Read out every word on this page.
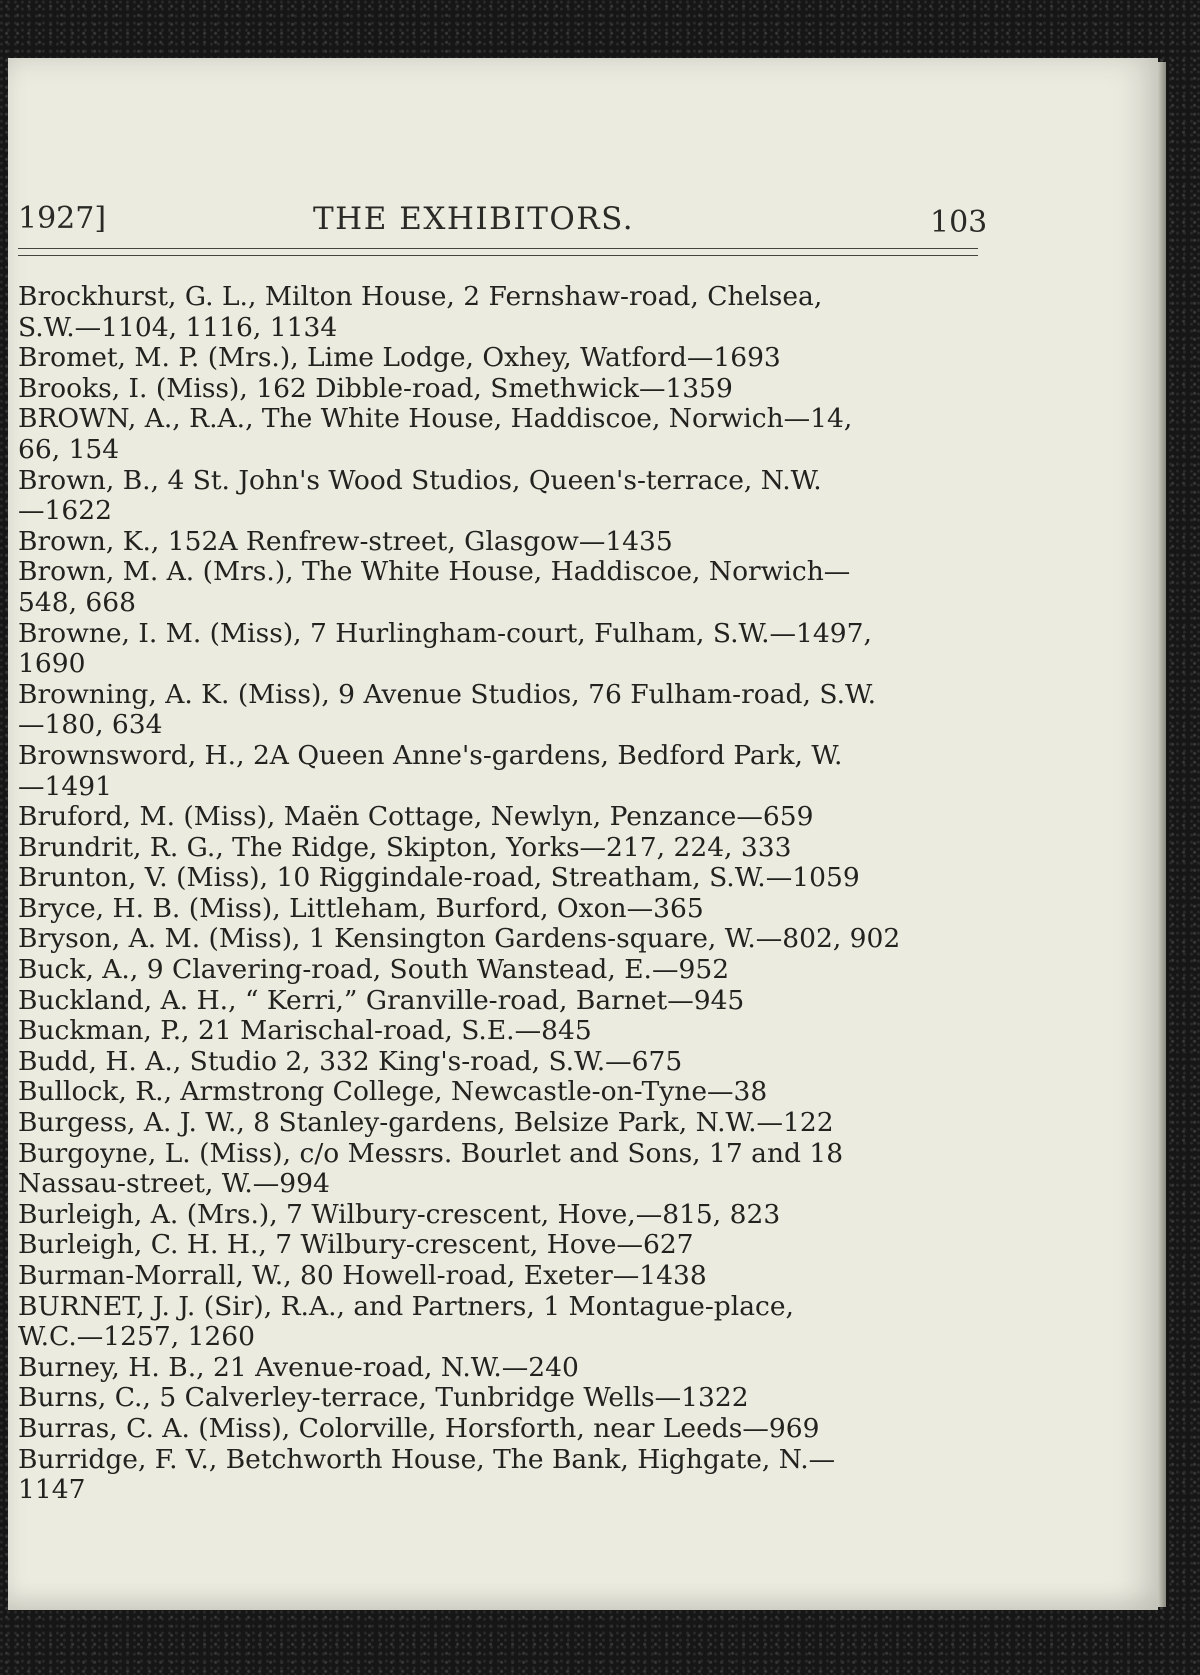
1927]	THE EXHIBITORS.	103

Brockhurst, G. L., Milton House, 2 Fernshaw-road, Chelsea,
S.W.—1104, 1116, 1134

Bromet, M. P. (Mrs.), Lime Lodge, Oxhey, Watford—1693

Brooks, I. (Miss), 162 Dibble-road, Smethwick—1359

BROWN, A., R.A., The White House, Haddiscoe, Norwich—14,
66, 154

Brown, B., 4 St. John's Wood Studios, Queen's-terrace, N.W.
—1622

Brown, K., 152A Renfrew-street, Glasgow—1435

Brown, M. A. (Mrs.), The White House, Haddiscoe, Norwich—
548, 668

Browne, I. M. (Miss), 7 Hurlingham-court, Fulham, S.W.—1497,
1690

Browning, A. K. (Miss), 9 Avenue Studios, 76 Fulham-road, S.W.
—180, 634

Brownsword, H., 2A Queen Anne's-gardens, Bedford Park, W.
—1491

Bruford, M. (Miss), Maën Cottage, Newlyn, Penzance—659

Brundrit, R. G., The Ridge, Skipton, Yorks—217, 224, 333

Brunton, V. (Miss), 10 Riggindale-road, Streatham, S.W.—1059

Bryce, H. B. (Miss), Littleham, Burford, Oxon—365

Bryson, A. M. (Miss), 1 Kensington Gardens-square, W.—802, 902

Buck, A., 9 Clavering-road, South Wanstead, E.—952

Buckland, A. H., “ Kerri,” Granville-road, Barnet—945

Buckman, P., 21 Marischal-road, S.E.—845

Budd, H. A., Studio 2, 332 King's-road, S.W.—675

Bullock, R., Armstrong College, Newcastle-on-Tyne—38

Burgess, A. J. W., 8 Stanley-gardens, Belsize Park, N.W.—122

Burgoyne, L. (Miss), c/o Messrs. Bourlet and Sons, 17 and 18
Nassau-street, W.—994

Burleigh, A. (Mrs.), 7 Wilbury-crescent, Hove,—815, 823

Burleigh, C. H. H., 7 Wilbury-crescent, Hove—627

Burman-Morrall, W., 80 Howell-road, Exeter—1438

BURNET, J. J. (Sir), R.A., and Partners, 1 Montague-place,
W.C.—1257, 1260

Burney, H. B., 21 Avenue-road, N.W.—240

Burns, C., 5 Calverley-terrace, Tunbridge Wells—1322

Burras, C. A. (Miss), Colorville, Horsforth, near Leeds—969

Burridge, F. V., Betchworth House, The Bank, Highgate, N.—
1147
